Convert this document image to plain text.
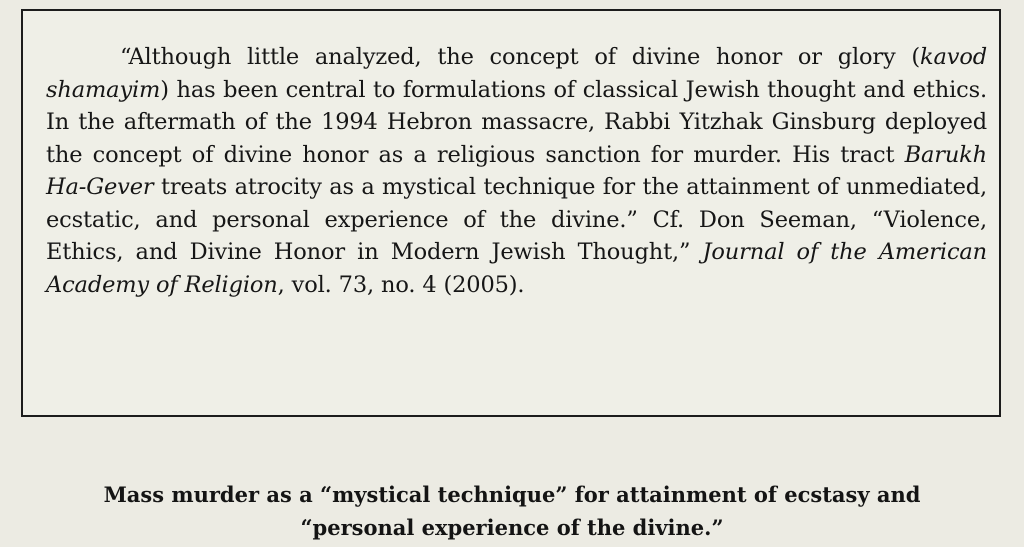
“Although little analyzed, the concept of divine honor or glory (kavod shamayim) has been central to formulations of classical Jewish thought and ethics. In the aftermath of the 1994 Hebron massacre, Rabbi Yitzhak Ginsburg deployed the concept of divine honor as a religious sanction for murder. His tract Barukh Ha-Gever treats atrocity as a mystical technique for the attainment of unmediated, ecstatic, and personal experience of the divine.” Cf. Don Seeman, “Violence, Ethics, and Divine Honor in Modern Jewish Thought,” Journal of the American Academy of Religion, vol. 73, no. 4 (2005).

Mass murder as a “mystical technique” for attainment of ecstasy and
“personal experience of the divine.”
